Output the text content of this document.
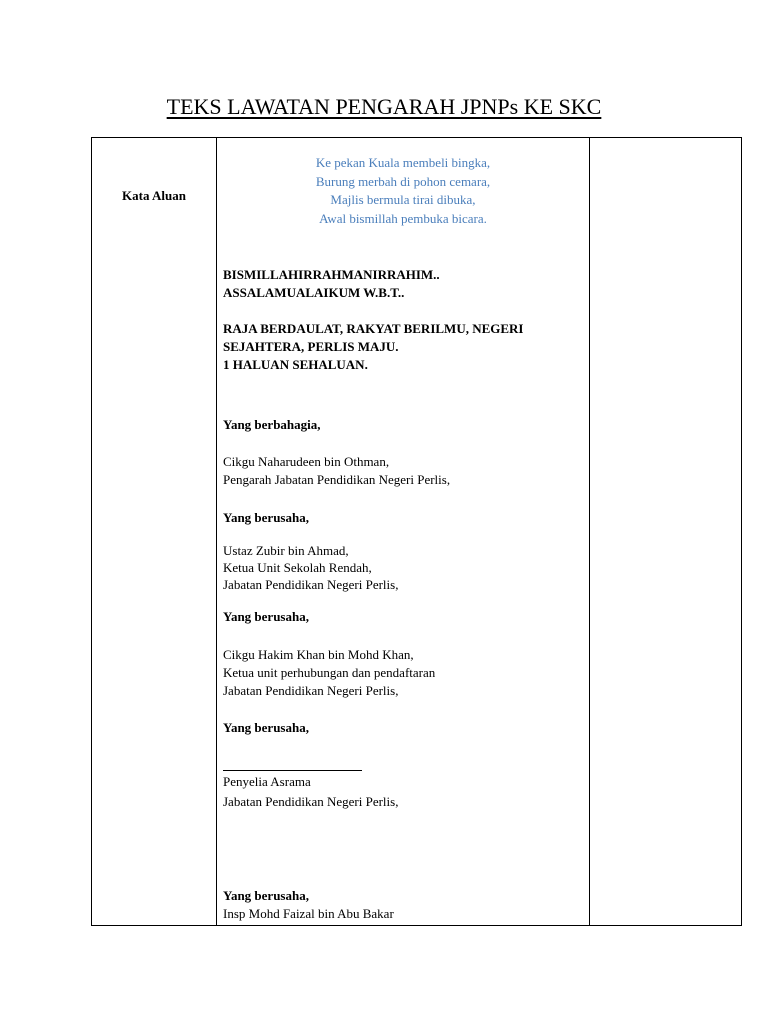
TEKS LAWATAN PENGARAH JPNPs KE SKC
Kata Aluan
Ke pekan Kuala membeli bingka,
Burung merbah di pohon cemara,
Majlis bermula tirai dibuka,
Awal bismillah pembuka bicara.
BISMILLAHIRRAHMANIRRAHIM..
ASSALAMUALAIKUM W.B.T..
RAJA BERDAULAT, RAKYAT BERILMU, NEGERI
SEJAHTERA, PERLIS MAJU.
1 HALUAN SEHALUAN.
Yang berbahagia,
Cikgu Naharudeen bin Othman,
Pengarah Jabatan Pendidikan Negeri Perlis,
Yang berusaha,
Ustaz Zubir bin Ahmad,
Ketua Unit Sekolah Rendah,
Jabatan Pendidikan Negeri Perlis,
Yang berusaha,
Cikgu Hakim Khan bin Mohd Khan,
Ketua unit perhubungan dan pendaftaran
Jabatan Pendidikan Negeri Perlis,
Yang berusaha,
Penyelia Asrama
Jabatan Pendidikan Negeri Perlis,
Yang berusaha,
Insp Mohd Faizal bin Abu Bakar
